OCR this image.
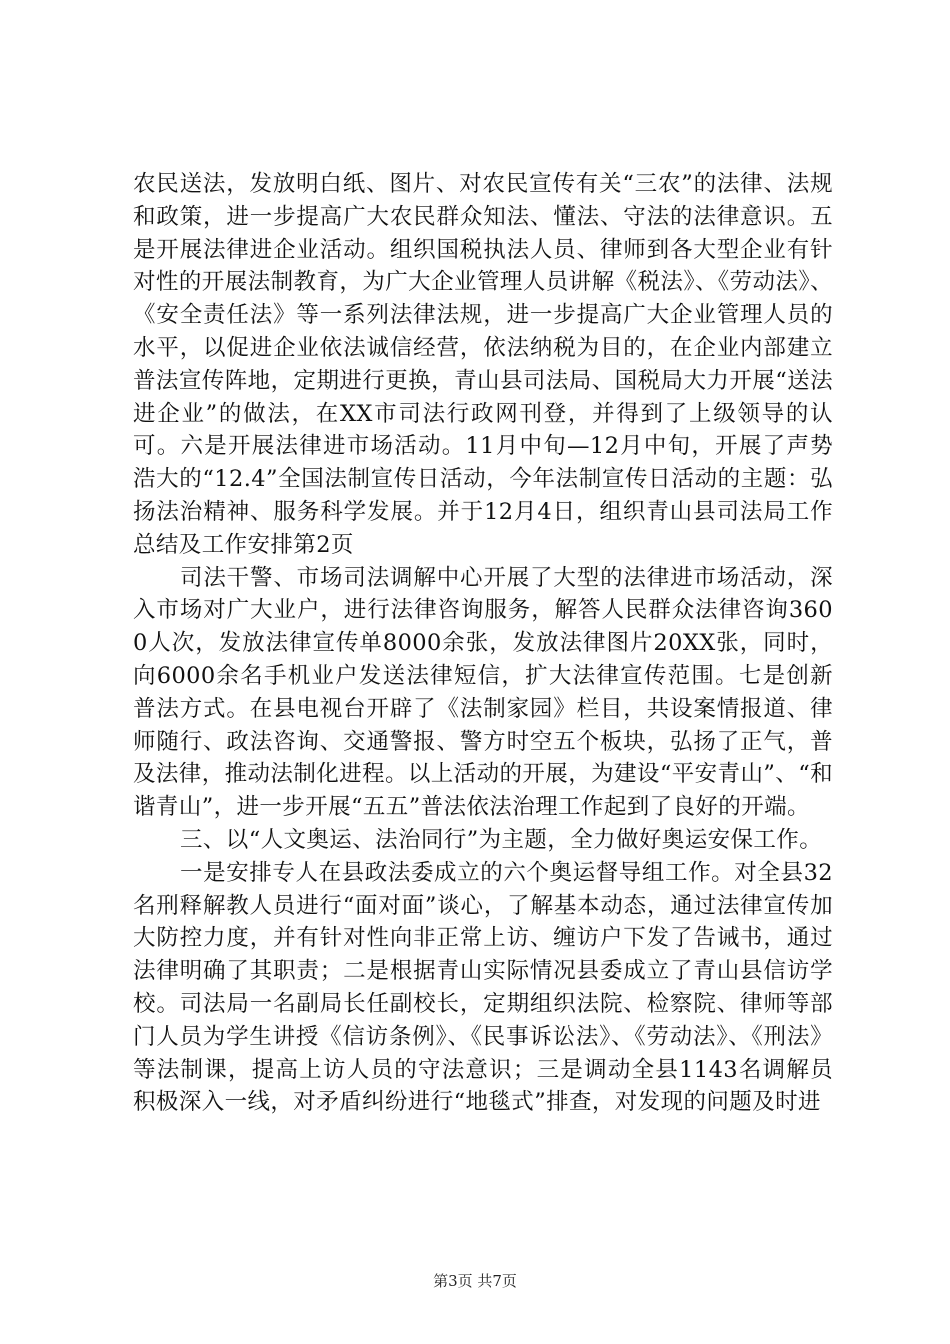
农民送法，发放明白纸、图片、对农民宣传有关“三农”的法律、法规和政策，进一步提高广大农民群众知法、懂法、守法的法律意识。五是开展法律进企业活动。组织国税执法人员、律师到各大型企业有针对性的开展法制教育，为广大企业管理人员讲解《税法》、《劳动法》、《安全责任法》等一系列法律法规，进一步提高广大企业管理人员的水平，以促进企业依法诚信经营，依法纳税为目的，在企业内部建立普法宣传阵地，定期进行更换，青山县司法局、国税局大力开展“送法进企业”的做法，在XX市司法行政网刊登，并得到了上级领导的认可。六是开展法律进市场活动。11月中旬—12月中旬，开展了声势浩大的“12.4”全国法制宣传日活动，今年法制宣传日活动的主题：弘扬法治精神、服务科学发展。并于12月4日，组织青山县司法局工作总结及工作安排第2页

司法干警、市场司法调解中心开展了大型的法律进市场活动，深入市场对广大业户，进行法律咨询服务，解答人民群众法律咨询3600人次，发放法律宣传单8000余张，发放法律图片20XX张，同时，向6000余名手机业户发送法律短信，扩大法律宣传范围。七是创新普法方式。在县电视台开辟了《法制家园》栏目，共设案情报道、律师随行、政法咨询、交通警报、警方时空五个板块，弘扬了正气，普及法律，推动法制化进程。以上活动的开展，为建设“平安青山”、“和谐青山”，进一步开展“五五”普法依法治理工作起到了良好的开端。

三、以“人文奥运、法治同行”为主题，全力做好奥运安保工作。

一是安排专人在县政法委成立的六个奥运督导组工作。对全县32名刑释解教人员进行“面对面”谈心，了解基本动态，通过法律宣传加大防控力度，并有针对性向非正常上访、缠访户下发了告诫书，通过法律明确了其职责；二是根据青山实际情况县委成立了青山县信访学校。司法局一名副局长任副校长，定期组织法院、检察院、律师等部门人员为学生讲授《信访条例》、《民事诉讼法》、《劳动法》、《刑法》等法制课，提高上访人员的守法意识；三是调动全县1143名调解员积极深入一线，对矛盾纠纷进行“地毯式”排查，对发现的问题及时进

第3页 共7页
